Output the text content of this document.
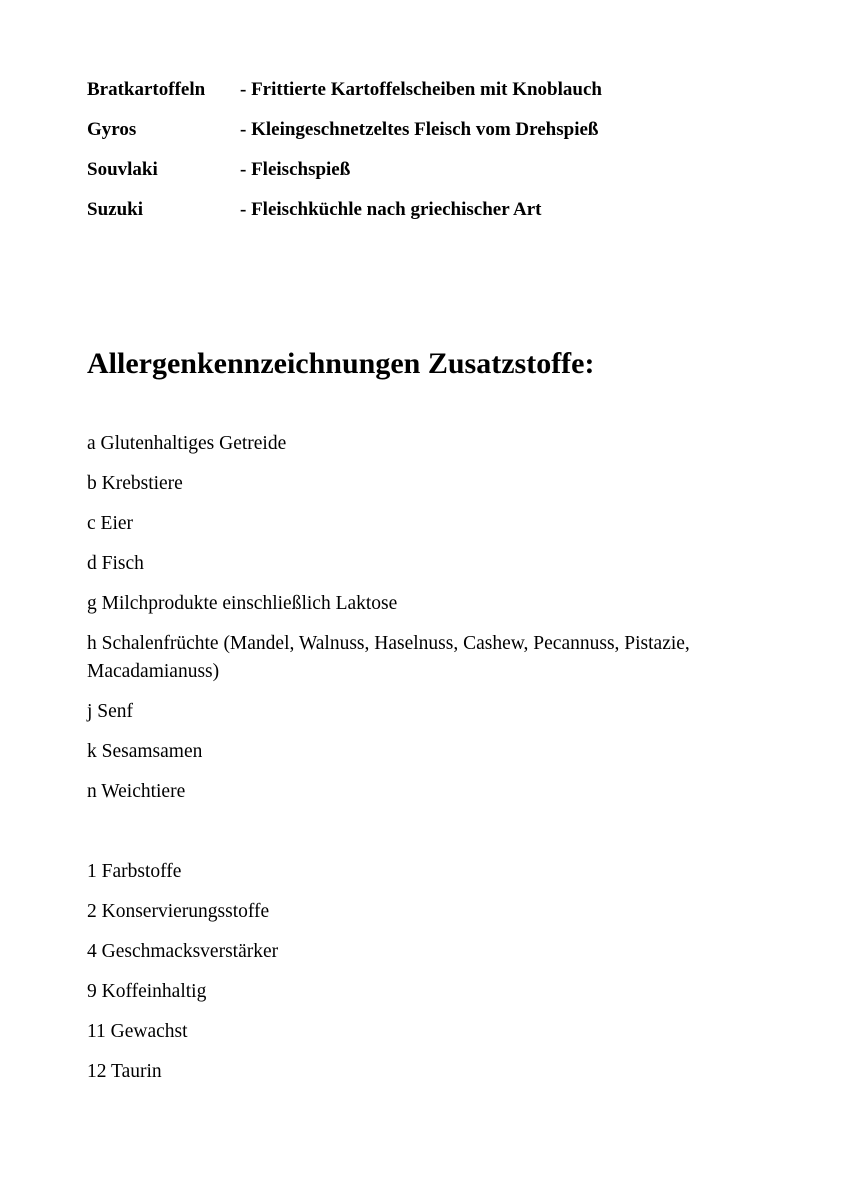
Bratkartoffeln	- Frittierte Kartoffelscheiben mit Knoblauch
Gyros	- Kleingeschnetzeltes Fleisch vom Drehspieß
Souvlaki	- Fleischspieß
Suzuki	- Fleischküchle nach griechischer Art
Allergenkennzeichnungen Zusatzstoffe:

a Glutenhaltiges Getreide

b Krebstiere

c Eier

d Fisch

g Milchprodukte einschließlich Laktose

h Schalenfrüchte (Mandel, Walnuss, Haselnuss, Cashew, Pecannuss, Pistazie, Macadamianuss)

j Senf

k Sesamsamen

n Weichtiere

1 Farbstoffe

2 Konservierungsstoffe

4 Geschmacksverstärker

9 Koffeinhaltig

11 Gewachst

12 Taurin
